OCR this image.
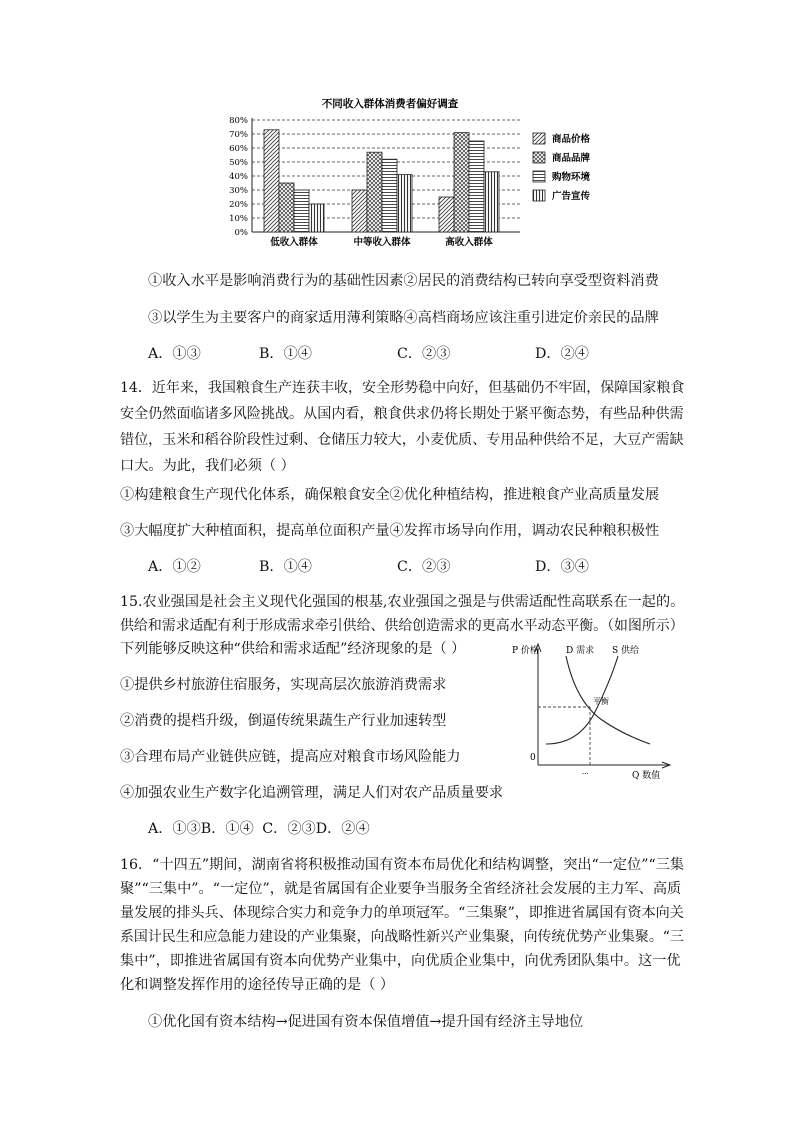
不同收入群体消费者偏好调查
0%
10%
20%
30%
40%
50%
60%
70%
80%
低收入群体	中等收入群体	高收入群体
商品价格
商品品牌
购物环境
广告宣传
①收入水平是影响消费行为的基础性因素②居民的消费结构已转向享受型资料消费
③以学生为主要客户的商家适用薄利策略④高档商场应该注重引进定价亲民的品牌
A．①③	B．①④	C．②③	D．②④
14．近年来，我国粮食生产连获丰收，安全形势稳中向好，但基础仍不牢固，保障国家粮食
安全仍然面临诸多风险挑战。从国内看，粮食供求仍将长期处于紧平衡态势，有些品种供需
错位，玉米和稻谷阶段性过剩、仓储压力较大，小麦优质、专用品种供给不足，大豆产需缺
口大。为此，我们必须（ ）
①构建粮食生产现代化体系，确保粮食安全②优化种植结构，推进粮食产业高质量发展
③大幅度扩大种植面积，提高单位面积产量④发挥市场导向作用，调动农民种粮积极性
A．①②	B．①④	C．②③	D．③④
15.农业强国是社会主义现代化强国的根基,农业强国之强是与供需适配性高联系在一起的。
供给和需求适配有利于形成需求牵引供给、供给创造需求的更高水平动态平衡。（如图所示）
下列能够反映这种“供给和需求适配”经济现象的是（ ）
①提供乡村旅游住宿服务，实现高层次旅游消费需求
②消费的提档升级，倒逼传统果蔬生产行业加速转型
③合理布局产业链供应链，提高应对粮食市场风险能力
④加强农业生产数字化追溯管理，满足人们对农产品质量要求
A．①③B．①④ C．②③D．②④
P 价格	D 需求 S 供给
平衡
0
...	Q 数值
16．“十四五”期间，湖南省将积极推动国有资本布局优化和结构调整，突出“一定位”“三集
聚”“三集中”。“一定位”，就是省属国有企业要争当服务全省经济社会发展的主力军、高质
量发展的排头兵、体现综合实力和竞争力的单项冠军。“三集聚”，即推进省属国有资本向关
系国计民生和应急能力建设的产业集聚，向战略性新兴产业集聚，向传统优势产业集聚。“三
集中”，即推进省属国有资本向优势产业集中，向优质企业集中，向优秀团队集中。这一优
化和调整发挥作用的途径传导正确的是（ ）
①优化国有资本结构→促进国有资本保值增值→提升国有经济主导地位
